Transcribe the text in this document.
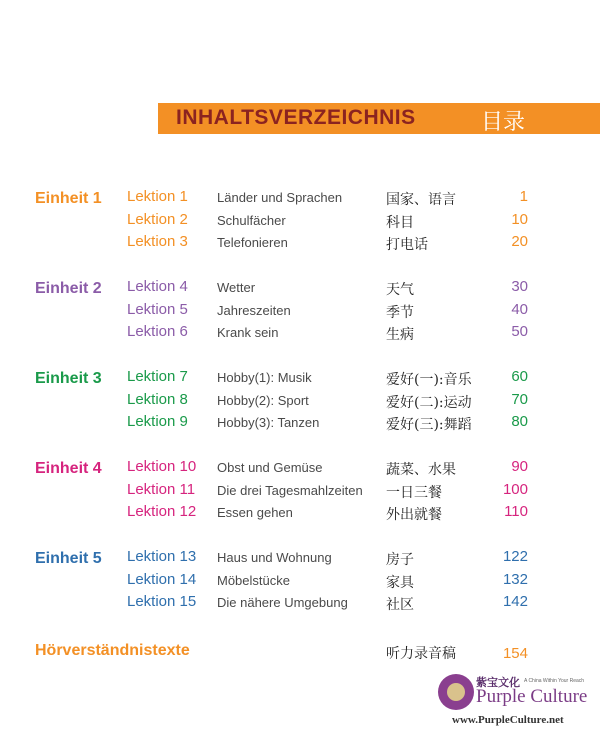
INHALTSVERZEICHNIS	目录
Einheit 1 Lektion 1 Länder und Sprachen	国家、语言	1
Lektion 2 Schulfächer	科目	10
Lektion 3 Telefonieren	打电话	20
Einheit 2 Lektion 4 Wetter	天气	30
Lektion 5 Jahreszeiten	季节	40
Lektion 6 Krank sein	生病	50
Einheit 3 Lektion 7 Hobby(1): Musik	爱好(一):音乐	60
Lektion 8 Hobby(2): Sport	爱好(二):运动	70
Lektion 9 Hobby(3): Tanzen	爱好(三):舞蹈	80
Einheit 4 Lektion 10 Obst und Gemüse	蔬菜、水果	90
Lektion 11 Die drei Tagesmahlzeiten 一日三餐	100
Lektion 12 Essen gehen	外出就餐	110
Einheit 5 Lektion 13 Haus und Wohnung	房子	122
Lektion 14 Möbelstücke	家具	132
Lektion 15 Die nähere Umgebung	社区	142
Hörverständnistexte	听力录音稿	154
紫宝文化 A China Within Your Reach
Purple Culture
www.PurpleCulture.net
